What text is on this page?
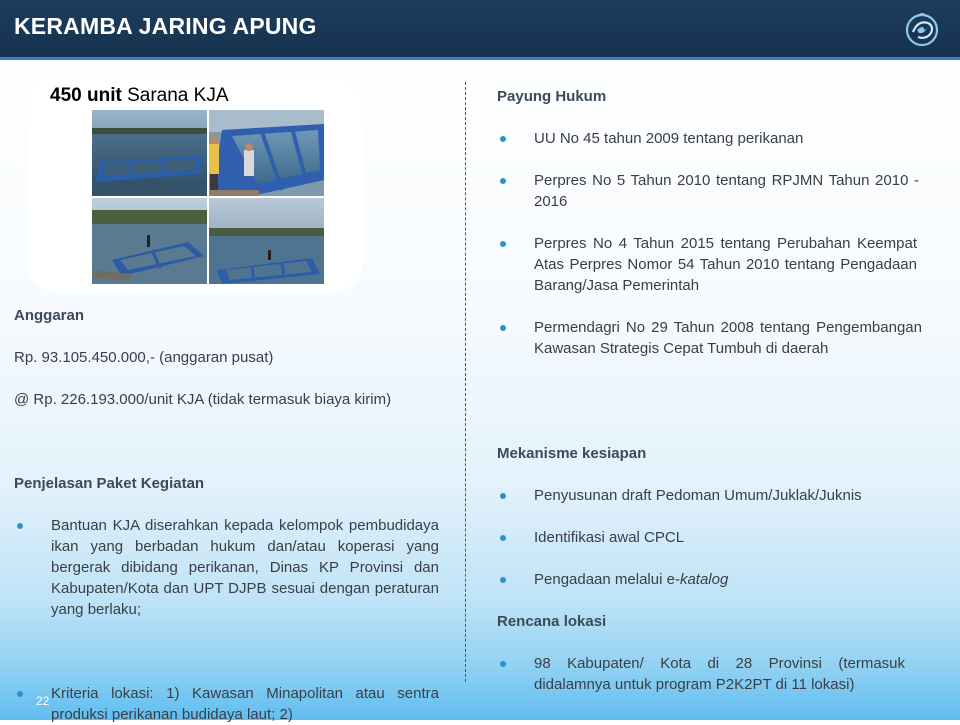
KERAMBA JARING APUNG
450 unit Sarana KJA
Anggaran
Rp. 93.105.450.000,- (anggaran pusat)
@ Rp. 226.193.000/unit KJA (tidak termasuk biaya kirim)
Penjelasan Paket Kegiatan
Bantuan KJA diserahkan kepada kelompok pembudidaya ikan yang berbadan hukum dan/atau koperasi yang bergerak dibidang perikanan, Dinas KP Provinsi dan Kabupaten/Kota dan UPT DJPB sesuai dengan peraturan yang berlaku;
Kriteria lokasi: 1) Kawasan Minapolitan atau sentra produksi perikanan budidaya laut; 2)
Payung Hukum
UU No 45 tahun 2009 tentang perikanan
Perpres No 5 Tahun 2010 tentang RPJMN Tahun 2010 - 2016
Perpres No 4 Tahun 2015 tentang Perubahan Keempat Atas Perpres Nomor 54 Tahun 2010 tentang Pengadaan Barang/Jasa Pemerintah
Permendagri No 29 Tahun 2008 tentang Pengembangan Kawasan Strategis Cepat Tumbuh di daerah
Mekanisme kesiapan
Penyusunan draft Pedoman Umum/Juklak/Juknis
Identifikasi awal CPCL
Pengadaan melalui e-katalog
Rencana lokasi
98 Kabupaten/ Kota di 28 Provinsi (termasuk didalamnya untuk program P2K2PT di 11 lokasi)
22
